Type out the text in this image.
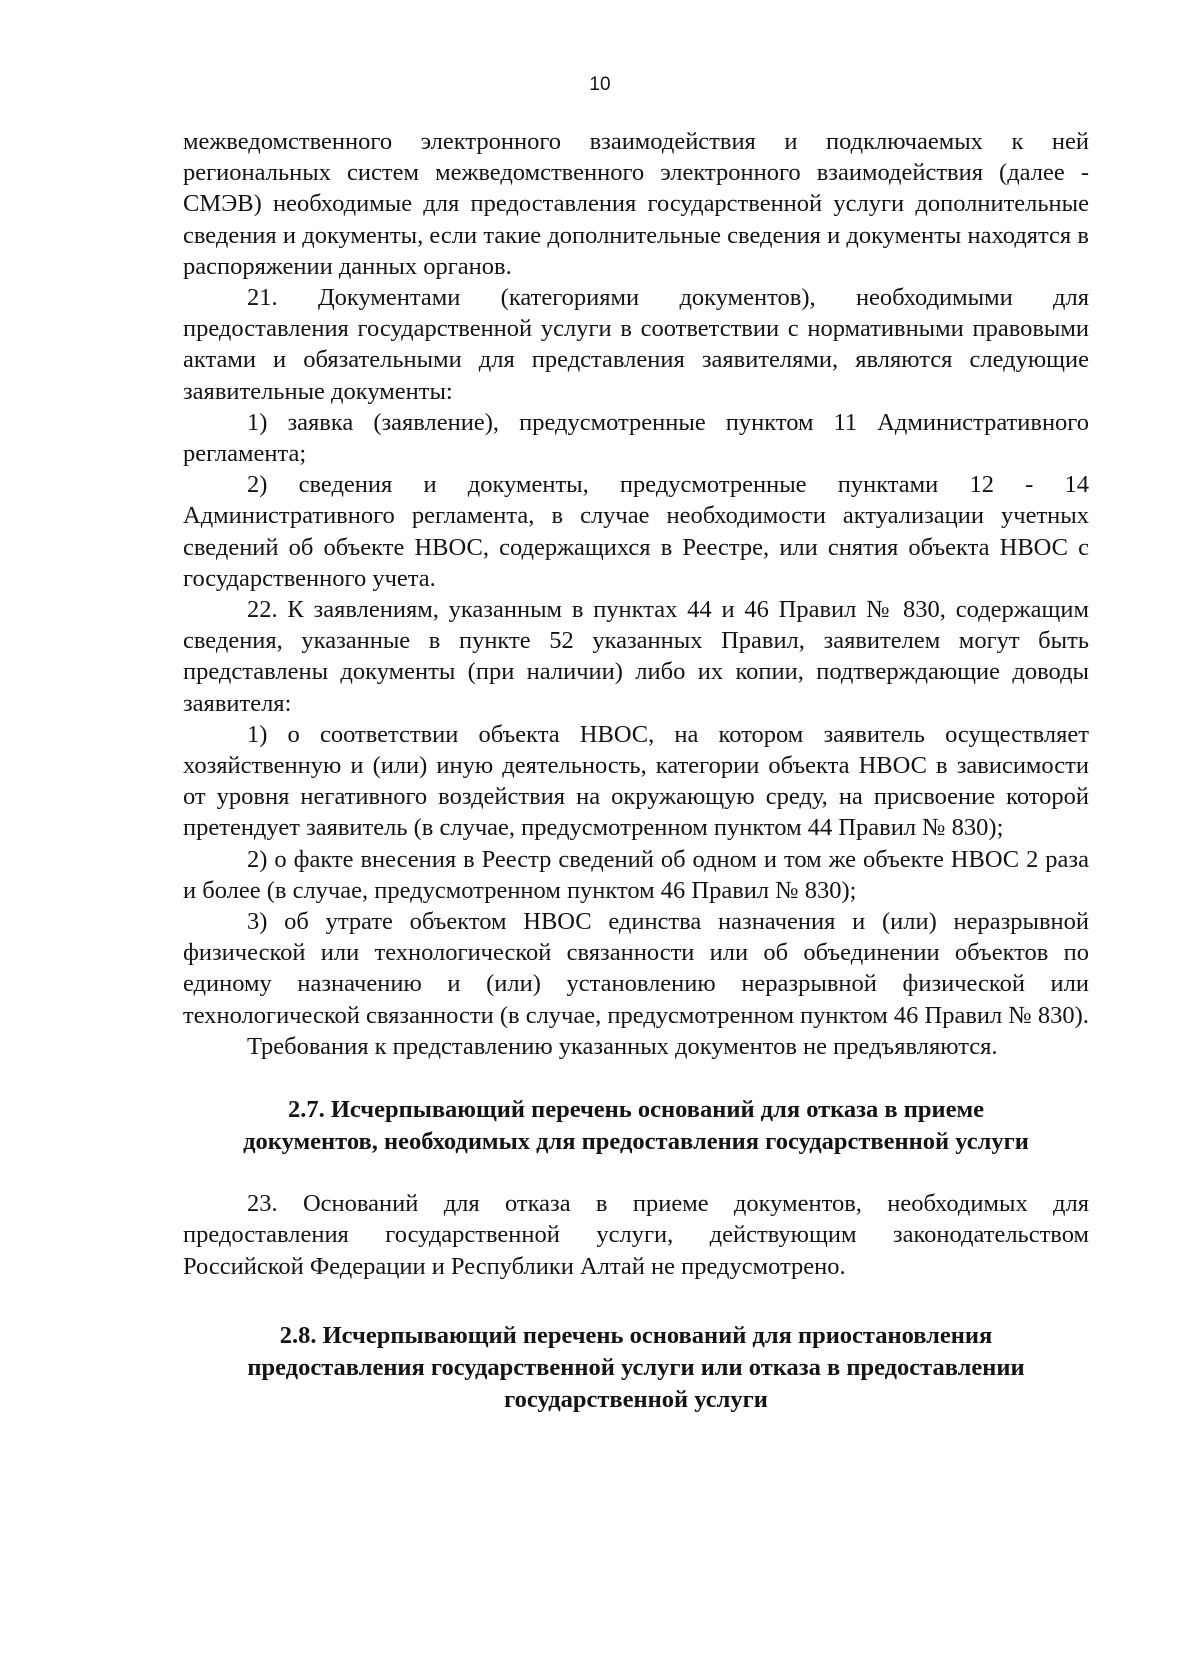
10

межведомственного электронного взаимодействия и подключаемых к ней региональных систем межведомственного электронного взаимодействия (далее - СМЭВ) необходимые для предоставления государственной услуги дополнительные сведения и документы, если такие дополнительные сведения и документы находятся в распоряжении данных органов.

21. Документами (категориями документов), необходимыми для предоставления государственной услуги в соответствии с нормативными правовыми актами и обязательными для представления заявителями, являются следующие заявительные документы:

1) заявка (заявление), предусмотренные пунктом 11 Административного регламента;

2) сведения и документы, предусмотренные пунктами 12 - 14 Административного регламента, в случае необходимости актуализации учетных сведений об объекте НВОС, содержащихся в Реестре, или снятия объекта НВОС с государственного учета.

22. К заявлениям, указанным в пунктах 44 и 46 Правил № 830, содержащим сведения, указанные в пункте 52 указанных Правил, заявителем могут быть представлены документы (при наличии) либо их копии, подтверждающие доводы заявителя:

1) о соответствии объекта НВОС, на котором заявитель осуществляет хозяйственную и (или) иную деятельность, категории объекта НВОС в зависимости от уровня негативного воздействия на окружающую среду, на присвоение которой претендует заявитель (в случае, предусмотренном пунктом 44 Правил № 830);

2) о факте внесения в Реестр сведений об одном и том же объекте НВОС 2 раза и более (в случае, предусмотренном пунктом 46 Правил № 830);

3) об утрате объектом НВОС единства назначения и (или) неразрывной физической или технологической связанности или об объединении объектов по единому назначению и (или) установлению неразрывной физической или технологической связанности (в случае, предусмотренном пунктом 46 Правил № 830).

Требования к представлению указанных документов не предъявляются.

2.7. Исчерпывающий перечень оснований для отказа в приеме
документов, необходимых для предоставления государственной услуги

23. Оснований для отказа в приеме документов, необходимых для предоставления государственной услуги, действующим законодательством Российской Федерации и Республики Алтай не предусмотрено.

2.8. Исчерпывающий перечень оснований для приостановления
предоставления государственной услуги или отказа в предоставлении
государственной услуги
